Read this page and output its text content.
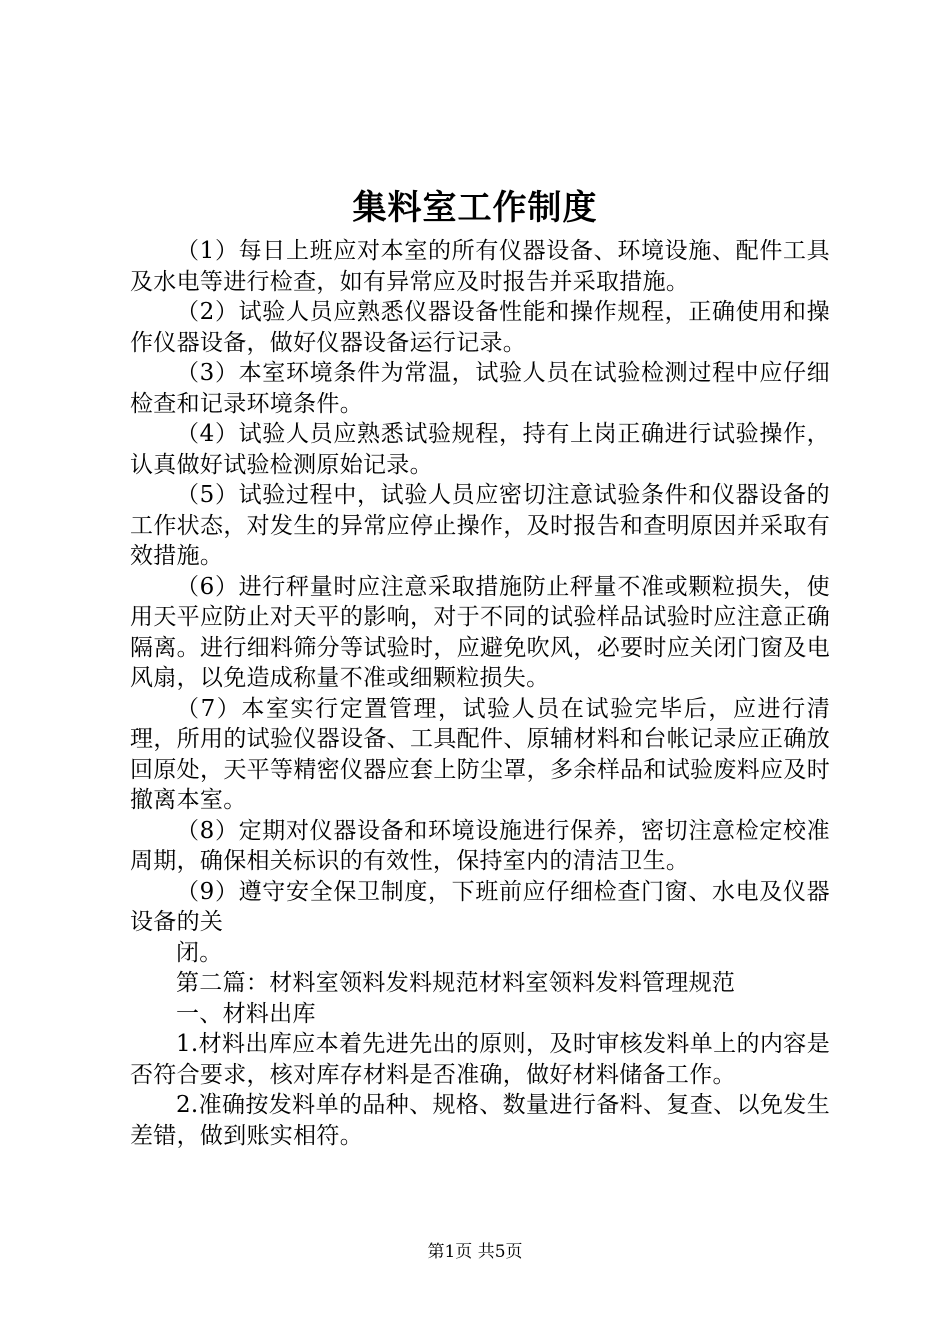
集料室工作制度

（1）每日上班应对本室的所有仪器设备、环境设施、配件工具及水电等进行检查，如有异常应及时报告并采取措施。

（2）试验人员应熟悉仪器设备性能和操作规程，正确使用和操作仪器设备，做好仪器设备运行记录。

（3）本室环境条件为常温，试验人员在试验检测过程中应仔细检查和记录环境条件。

（4）试验人员应熟悉试验规程，持有上岗正确进行试验操作，认真做好试验检测原始记录。

（5）试验过程中，试验人员应密切注意试验条件和仪器设备的工作状态，对发生的异常应停止操作，及时报告和查明原因并采取有效措施。

（6）进行秤量时应注意采取措施防止秤量不准或颗粒损失，使用天平应防止对天平的影响，对于不同的试验样品试验时应注意正确隔离。进行细料筛分等试验时，应避免吹风，必要时应关闭门窗及电风扇，以免造成称量不准或细颗粒损失。

（7）本室实行定置管理，试验人员在试验完毕后，应进行清理，所用的试验仪器设备、工具配件、原辅材料和台帐记录应正确放回原处，天平等精密仪器应套上防尘罩，多余样品和试验废料应及时撤离本室。

（8）定期对仪器设备和环境设施进行保养，密切注意检定校准周期，确保相关标识的有效性，保持室内的清洁卫生。

（9）遵守安全保卫制度，下班前应仔细检查门窗、水电及仪器设备的关

闭。

第二篇：材料室领料发料规范材料室领料发料管理规范

一、材料出库

1.材料出库应本着先进先出的原则，及时审核发料单上的内容是否符合要求，核对库存材料是否准确，做好材料储备工作。

2.准确按发料单的品种、规格、数量进行备料、复查、以免发生差错，做到账实相符。

第1页 共5页
